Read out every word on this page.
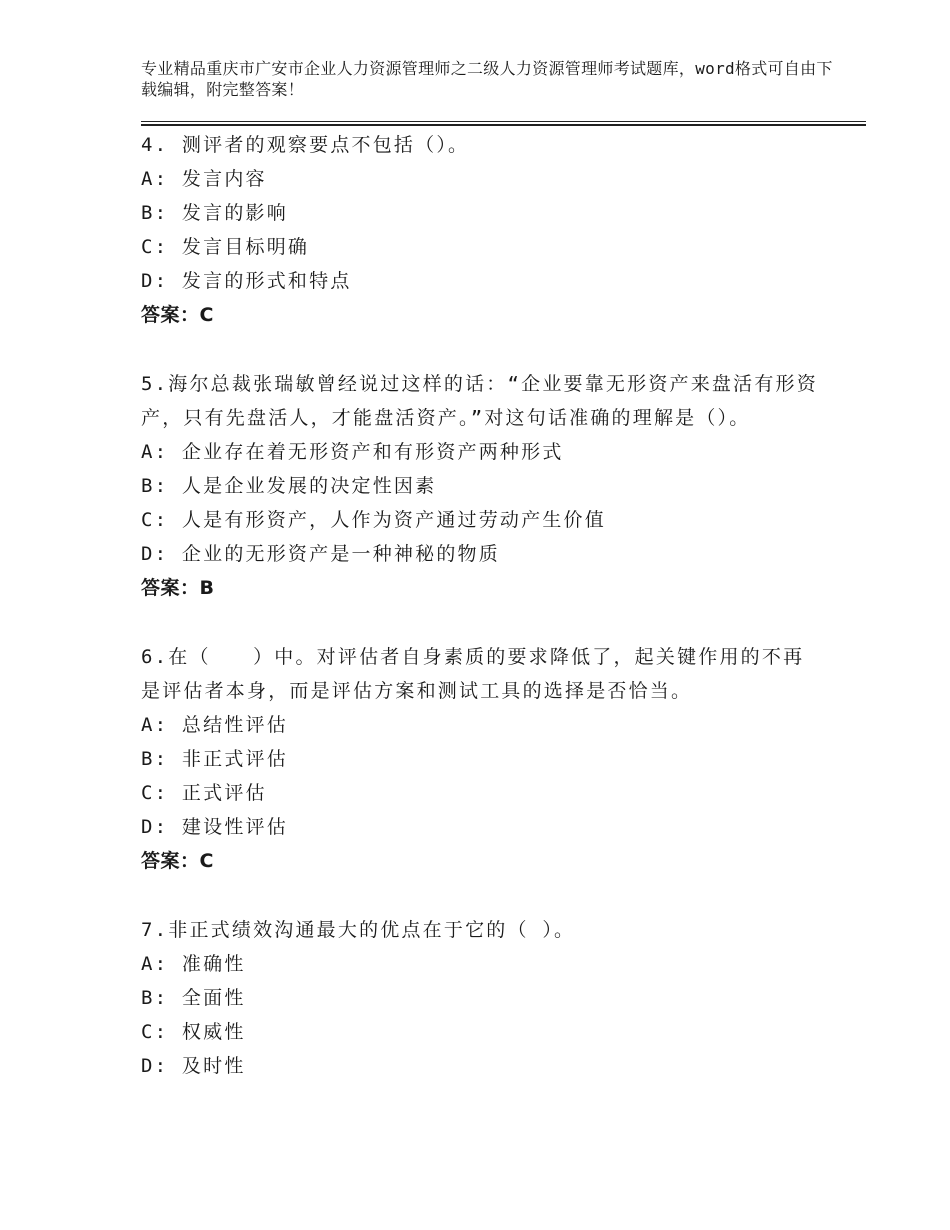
专业精品重庆市广安市企业人力资源管理师之二级人力资源管理师考试题库，word格式可自由下载编辑，附完整答案！
4. 测评者的观察要点不包括（）。
A: 发言内容
B: 发言的影响
C: 发言目标明确
D: 发言的形式和特点
答案：C
5.海尔总裁张瑞敏曾经说过这样的话：“企业要靠无形资产来盘活有形资产，只有先盘活人，才能盘活资产。”对这句话准确的理解是（）。
A: 企业存在着无形资产和有形资产两种形式
B: 人是企业发展的决定性因素
C: 人是有形资产，人作为资产通过劳动产生价值
D: 企业的无形资产是一种神秘的物质
答案：B
6.在（　　）中。对评估者自身素质的要求降低了，起关键作用的不再是评估者本身，而是评估方案和测试工具的选择是否恰当。
A: 总结性评估
B: 非正式评估
C: 正式评估
D: 建设性评估
答案：C
7.非正式绩效沟通最大的优点在于它的（ ）。
A: 准确性
B: 全面性
C: 权威性
D: 及时性
